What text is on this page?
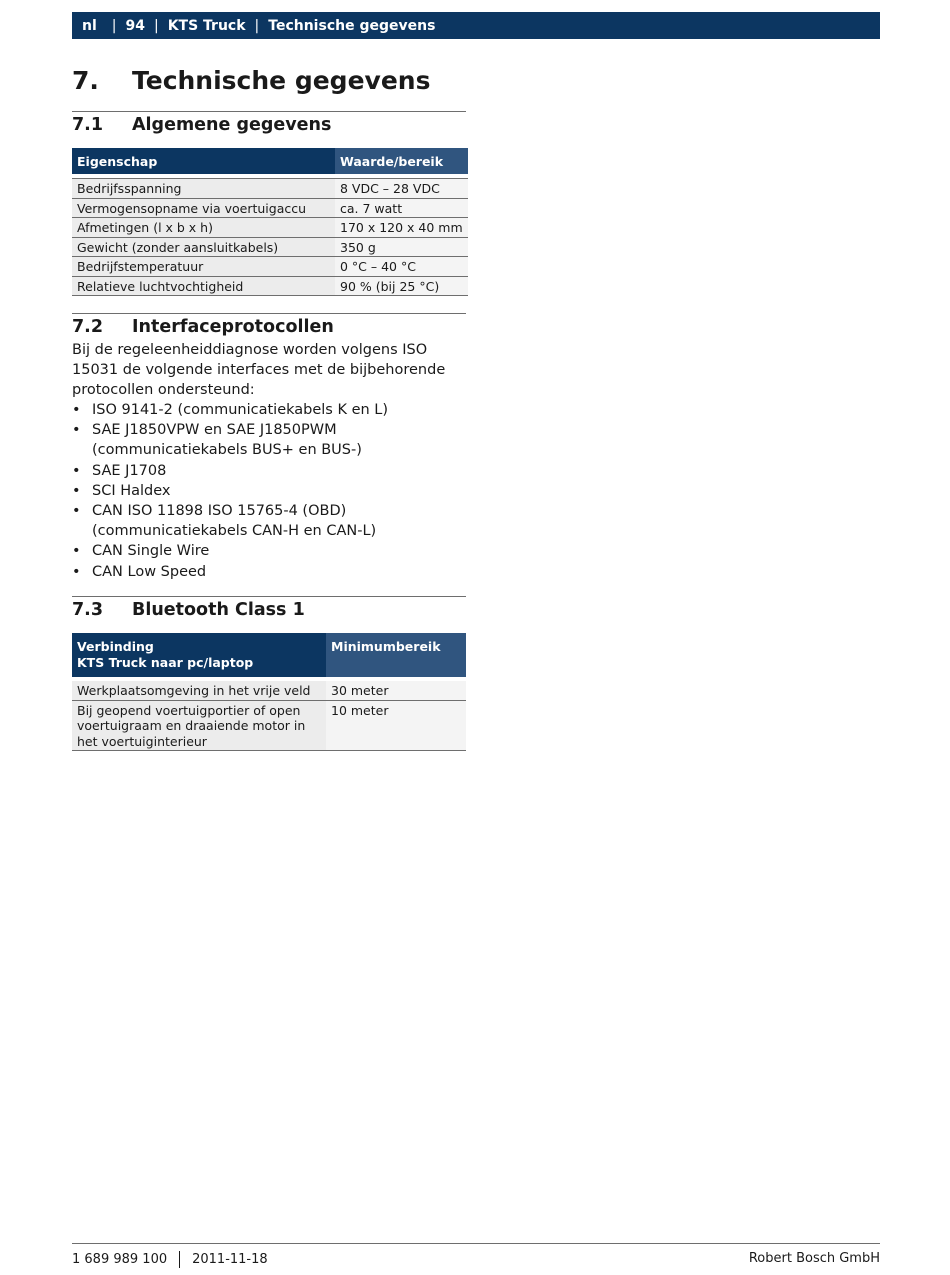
nl | 94 | KTS Truck | Technische gegevens
7. Technische gegevens
7.1 Algemene gegevens
Eigenschap	Waarde/bereik

Bedrijfsspanning	8 VDC – 28 VDC
Vermogensopname via voertuigaccu	ca. 7 watt
Afmetingen (l x b x h)	170 x 120 x 40 mm
Gewicht (zonder aansluitkabels)	350 g
Bedrijfstemperatuur	0 °C – 40 °C
Relatieve luchtvochtigheid	90 % (bij 25 °C)
7.2 Interfaceprotocollen

Bij de regeleenheiddiagnose worden volgens ISO 15031 de volgende interfaces met de bijbehorende protocollen ondersteund:

• ISO 9141-2 (communicatiekabels K en L)
• SAE J1850VPW en SAE J1850PWM (communicatiekabels BUS+ en BUS-)
• SAE J1708
• SCI Haldex
• CAN ISO 11898 ISO 15765-4 (OBD) (communicatiekabels CAN-H en CAN-L)
• CAN Single Wire
• CAN Low Speed
7.3 Bluetooth Class 1
Verbinding
KTS Truck naar pc/laptop	Minimumbereik

Werkplaatsomgeving in het vrije veld	30 meter
Bij geopend voertuigportier of open voertuigraam en draaiende motor in het voertuiginterieur	10 meter
1 689 989 100 2011-11-18	Robert Bosch GmbH
